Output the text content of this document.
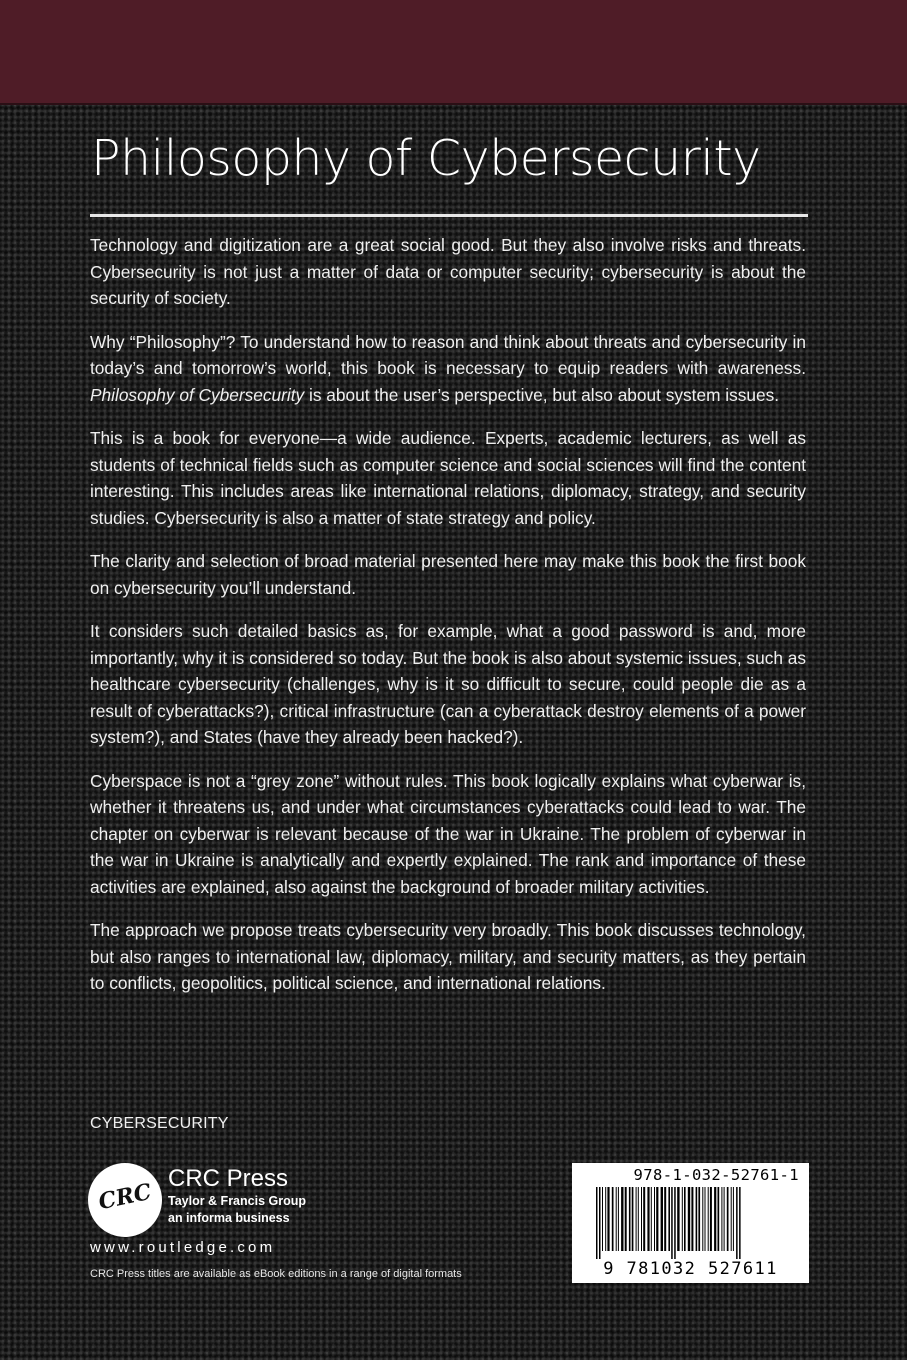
Philosophy of Cybersecurity

Technology and digitization are a great social good. But they also involve risks and threats. Cybersecurity is not just a matter of data or computer security; cybersecurity is about the security of society.

Why “Philosophy”? To understand how to reason and think about threats and cybersecurity in today’s and tomorrow’s world, this book is necessary to equip readers with awareness. Philosophy of Cybersecurity is about the user’s perspective, but also about system issues.

This is a book for everyone—a wide audience. Experts, academic lecturers, as well as students of technical fields such as computer science and social sciences will find the content interesting. This includes areas like international relations, diplomacy, strategy, and security studies. Cybersecurity is also a matter of state strategy and policy.

The clarity and selection of broad material presented here may make this book the first book on cybersecurity you’ll understand.

It considers such detailed basics as, for example, what a good password is and, more importantly, why it is considered so today. But the book is also about systemic issues, such as healthcare cybersecurity (challenges, why is it so difficult to secure, could people die as a result of cyberattacks?), critical infrastructure (can a cyberattack destroy elements of a power system?), and States (have they already been hacked?).

Cyberspace is not a “grey zone” without rules. This book logically explains what cyberwar is, whether it threatens us, and under what circumstances cyberattacks could lead to war. The chapter on cyberwar is relevant because of the war in Ukraine. The problem of cyberwar in the war in Ukraine is analytically and expertly explained. The rank and importance of these activities are explained, also against the background of broader military activities.

The approach we propose treats cybersecurity very broadly. This book discusses technology, but also ranges to international law, diplomacy, military, and security matters, as they pertain to conflicts, geopolitics, political science, and international relations.

CYBERSECURITY
CRC
CRC Press
Taylor & Francis Group
an informa business
www.routledge.com
CRC Press titles are available as eBook editions in a range of digital formats
978-1-032-52761-1
9 781032 527611
